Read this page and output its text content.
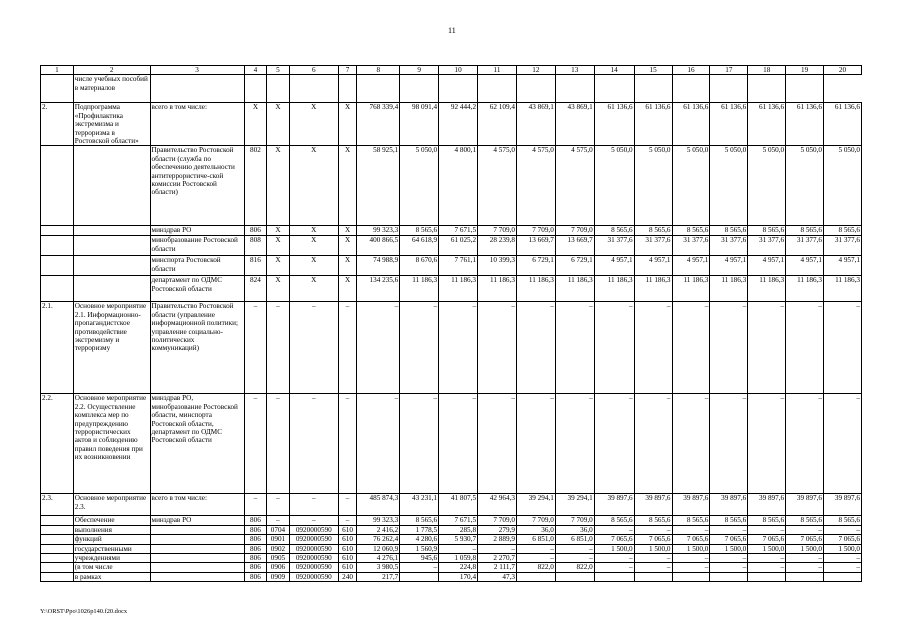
11
1	2	3	4	5	6	7	8	9	10	11	12	13	14	15	16	17	18	19	20
	числе учебных пособий в материалов																		
2.	Подпрограмма «Профилактика экстремизма и терроризма в Ростовской области»	всего в том числе:	X	X	X	X	768 339,4	98 091,4	92 444,2	62 109,4	43 869,1	43 869,1	61 136,6	61 136,6	61 136,6	61 136,6	61 136,6	61 136,6	61 136,6
		Правительство Ростовской области (служба по обеспечению деятельности антитеррористиче-ской комиссии Ростовской области)	802	X	X	X	58 925,1	5 050,0	4 800,1	4 575,0	4 575,0	4 575,0	5 050,0	5 050,0	5 050,0	5 050,0	5 050,0	5 050,0	5 050,0
		минздрав РО	806	X	X	X	99 323,3	8 565,6	7 671,5	7 709,0	7 709,0	7 709,0	8 565,6	8 565,6	8 565,6	8 565,6	8 565,6	8 565,6	8 565,6
		минобразование Ростовской области	808	X	X	X	400 866,5	64 618,9	61 025,2	28 239,8	13 669,7	13 669,7	31 377,6	31 377,6	31 377,6	31 377,6	31 377,6	31 377,6	31 377,6
		минспорта Ростовской области	816	X	X	X	74 988,9	8 670,6	7 761,1	10 399,3	6 729,1	6 729,1	4 957,1	4 957,1	4 957,1	4 957,1	4 957,1	4 957,1	4 957,1
		департамент по ОДМС Ростовской области	824	X	X	X	134 235,6	11 186,3	11 186,3	11 186,3	11 186,3	11 186,3	11 186,3	11 186,3	11 186,3	11 186,3	11 186,3	11 186,3	11 186,3
2.1.	Основное мероприятие 2.1. Информационно-пропагандистское противодействие экстремизму и терроризму	Правительство Ростовской области (управление информационной политики; управление социально-политических коммуникаций)	–	–	–	–	–	–	–	–	–	–	–	–	–	–	–	–	–
2.2.	Основное мероприятие 2.2. Осуществление комплекса мер по предупреждению террористических актов и соблюдению правил поведения при их возникновении	минздрав РО, минобразование Ростовской области, минспорта Ростовской области, департамент по ОДМС Ростовской области	–	–	–	–	–	–	–	–	–	–	–	–	–	–	–	–	–
2.3.	Основное мероприятие 2.3.	всего в том числе:	–	–	–	–	485 874,3	43 231,1	41 807,5	42 964,3	39 294,1	39 294,1	39 897,6	39 897,6	39 897,6	39 897,6	39 897,6	39 897,6	39 897,6
	Обеспечение	минздрав РО	806	–	–	–	99 323,3	8 565,6	7 671,5	7 709,0	7 709,0	7 709,0	8 565,6	8 565,6	8 565,6	8 565,6	8 565,6	8 565,6	8 565,6
	выполнения		806	0704	0920000590	610	2 416,2	1 778,5	285,8	279,9	36,0	36,0	–	–	–	–	–	–	–
	функций		806	0901	0920000590	610	76 262,4	4 280,6	5 930,7	2 889,9	6 851,0	6 851,0	7 065,6	7 065,6	7 065,6	7 065,6	7 065,6	7 065,6	7 065,6
	государственными		806	0902	0920000590	610	12 060,9	1 560,9	–	–	–	–	1 500,0	1 500,0	1 500,0	1 500,0	1 500,0	1 500,0	1 500,0
	учреждениями		806	0905	0920000590	610	4 276,1	945,6	1 059,8	2 270,7	–	–	–	–	–	–	–	–	–
	(в том числе		806	0906	0920000590	610	3 980,5	–	224,8	2 111,7	822,0	822,0	–	–	–	–	–	–	–
	в рамках		806	0909	0920000590	240	217,7		170,4	47,3									
Y:\ORST\Ppo\1026p140.f20.docx
